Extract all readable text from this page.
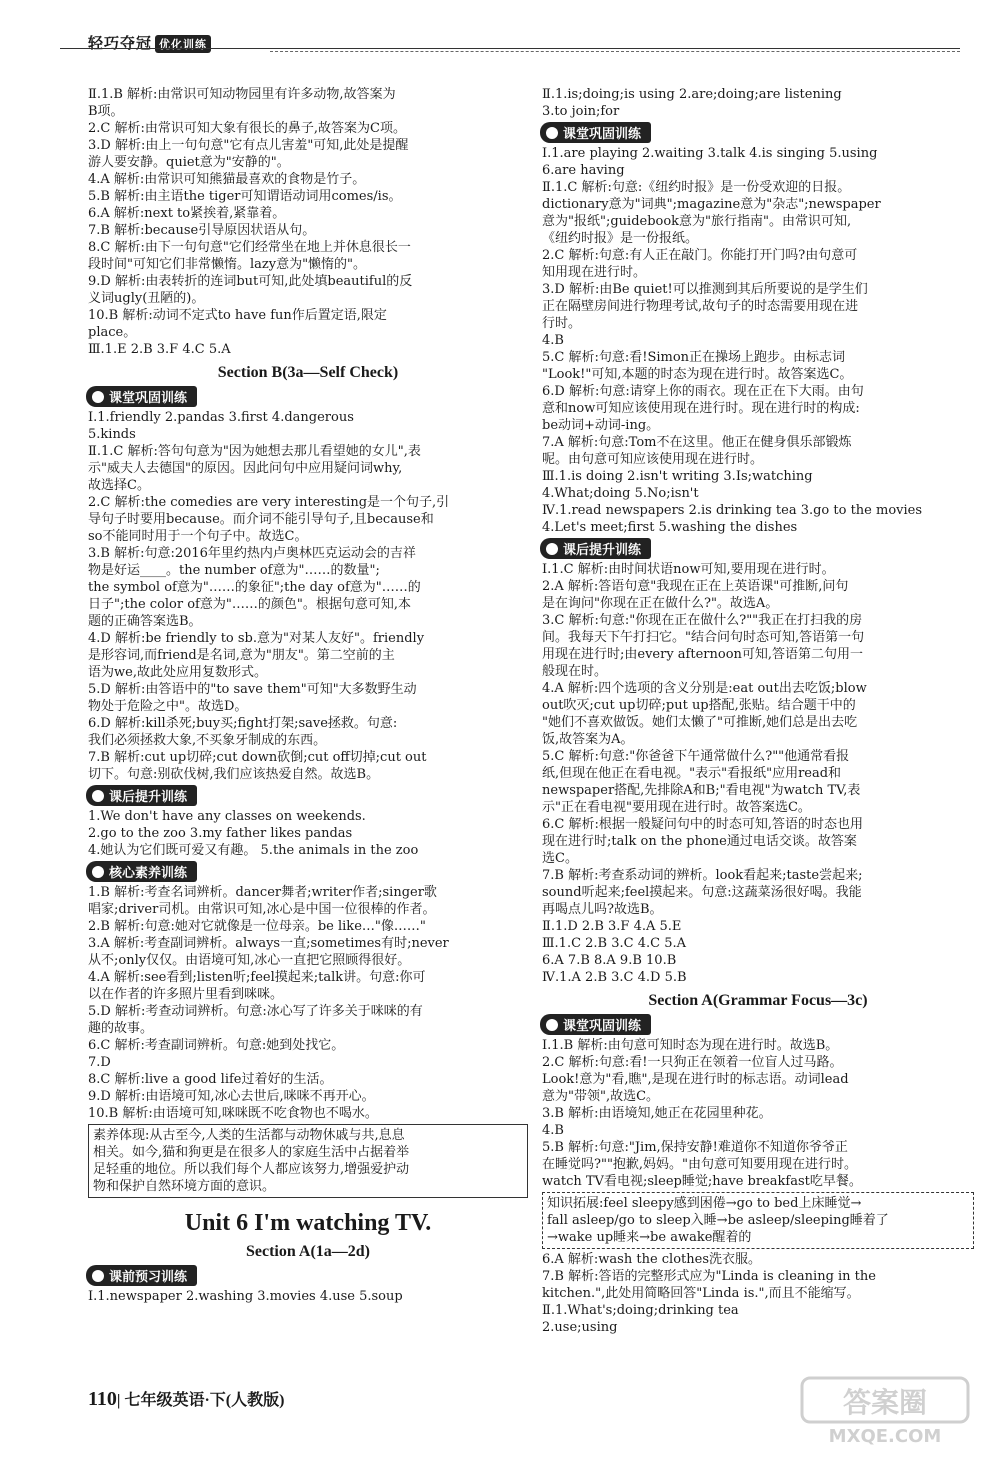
轻巧夺冠 优化训练
Ⅱ.1.B 解析:由常识可知动物园里有许多动物,故答案为
B项。
2.C 解析:由常识可知大象有很长的鼻子,故答案为C项。
3.D 解析:由上一句句意"它有点儿害羞"可知,此处是提醒
游人要安静。quiet意为"安静的"。
4.A 解析:由常识可知熊猫最喜欢的食物是竹子。
5.B 解析:由主语the tiger可知谓语动词用comes/is。
6.A 解析:next to紧挨着,紧靠着。
7.B 解析:because引导原因状语从句。
8.C 解析:由下一句句意"它们经常坐在地上并休息很长一
段时间"可知它们非常懒惰。lazy意为"懒惰的"。
9.D 解析:由表转折的连词but可知,此处填beautiful的反
义词ugly(丑陋的)。
10.B 解析:动词不定式to have fun作后置定语,限定
place。
Ⅲ.1.E 2.B 3.F 4.C 5.A
Section B(3a—Self Check)
课堂巩固训练
Ⅰ.1.friendly 2.pandas 3.first 4.dangerous
5.kinds
Ⅱ.1.C 解析:答句句意为"因为她想去那儿看望她的女儿",表
示"威夫人去德国"的原因。因此问句中应用疑问词why,
故选择C。
2.C 解析:the comedies are very interesting是一个句子,引
导句子时要用because。而介词不能引导句子,且because和
so不能同时用于一个句子中。故选C。
3.B 解析:句意:2016年里约热内卢奥林匹克运动会的吉祥
物是好运____。the number of意为"……的数量";
the symbol of意为"……的象征";the day of意为"……的
日子";the color of意为"……的颜色"。根据句意可知,本
题的正确答案选B。
4.D 解析:be friendly to sb.意为"对某人友好"。friendly
是形容词,而friend是名词,意为"朋友"。第二空前的主
语为we,故此处应用复数形式。
5.D 解析:由答语中的"to save them"可知"大多数野生动
物处于危险之中"。故选D。
6.D 解析:kill杀死;buy买;fight打架;save拯救。句意:
我们必须拯救大象,不买象牙制成的东西。
7.B 解析:cut up切碎;cut down砍倒;cut off切掉;cut out
切下。句意:别砍伐树,我们应该热爱自然。故选B。
课后提升训练
1.We don't have any classes on weekends.
2.go to the zoo 3.my father likes pandas
4.她认为它们既可爱又有趣。 5.the animals in the zoo
核心素养训练
1.B 解析:考查名词辨析。dancer舞者;writer作者;singer歌
唱家;driver司机。由常识可知,冰心是中国一位很棒的作者。
2.B 解析:句意:她对它就像是一位母亲。be like…"像……"
3.A 解析:考查副词辨析。always一直;sometimes有时;never
从不;only仅仅。由语境可知,冰心一直把它照顾得很好。
4.A 解析:see看到;listen听;feel摸起来;talk讲。句意:你可
以在作者的许多照片里看到咪咪。
5.D 解析:考查动词辨析。句意:冰心写了许多关于咪咪的有
趣的故事。
6.C 解析:考查副词辨析。句意:她到处找它。
7.D
8.C 解析:live a good life过着好的生活。
9.D 解析:由语境可知,冰心去世后,咪咪不再开心。
10.B 解析:由语境可知,咪咪既不吃食物也不喝水。
素养体现:从古至今,人类的生活都与动物休戚与共,息息
相关。如今,猫和狗更是在很多人的家庭生活中占据着举
足轻重的地位。所以我们每个人都应该努力,增强爱护动
物和保护自然环境方面的意识。
Unit 6 I'm watching TV.
Section A(1a—2d)
课前预习训练
Ⅰ.1.newspaper 2.washing 3.movies 4.use 5.soup
Ⅱ.1.is;doing;is using 2.are;doing;are listening
3.to join;for
课堂巩固训练
Ⅰ.1.are playing 2.waiting 3.talk 4.is singing 5.using
6.are having
Ⅱ.1.C 解析:句意:《纽约时报》是一份受欢迎的日报。
dictionary意为"词典";magazine意为"杂志";newspaper
意为"报纸";guidebook意为"旅行指南"。由常识可知,
《纽约时报》是一份报纸。
2.C 解析:句意:有人正在敲门。你能打开门吗?由句意可
知用现在进行时。
3.D 解析:由Be quiet!可以推测到其后所要说的是学生们
正在隔壁房间进行物理考试,故句子的时态需要用现在进
行时。
4.B
5.C 解析:句意:看!Simon正在操场上跑步。由标志词
"Look!"可知,本题的时态为现在进行时。故答案选C。
6.D 解析:句意:请穿上你的雨衣。现在正在下大雨。由句
意和now可知应该使用现在进行时。现在进行时的构成:
be动词+动词-ing。
7.A 解析:句意:Tom不在这里。他正在健身俱乐部锻炼
呢。由句意可知应该使用现在进行时。
Ⅲ.1.is doing 2.isn't writing 3.Is;watching
4.What;doing 5.No;isn't
Ⅳ.1.read newspapers 2.is drinking tea 3.go to the movies
4.Let's meet;first 5.washing the dishes
课后提升训练
Ⅰ.1.C 解析:由时间状语now可知,要用现在进行时。
2.A 解析:答语句意"我现在正在上英语课"可推断,问句
是在询问"你现在正在做什么?"。故选A。
3.C 解析:句意:"你现在正在做什么?""我正在打扫我的房
间。我每天下午打扫它。"结合问句时态可知,答语第一句
用现在进行时;由every afternoon可知,答语第二句用一
般现在时。
4.A 解析:四个选项的含义分别是:eat out出去吃饭;blow
out吹灭;cut up切碎;put up搭配,张贴。结合题干中的
"她们不喜欢做饭。她们太懒了"可推断,她们总是出去吃
饭,故答案为A。
5.C 解析:句意:"你爸爸下午通常做什么?""他通常看报
纸,但现在他正在看电视。"表示"看报纸"应用read和
newspaper搭配,先排除A和B;"看电视"为watch TV,表
示"正在看电视"要用现在进行时。故答案选C。
6.C 解析:根据一般疑问句中的时态可知,答语的时态也用
现在进行时;talk on the phone通过电话交谈。故答案
选C。
7.B 解析:考查系动词的辨析。look看起来;taste尝起来;
sound听起来;feel摸起来。句意:这蔬菜汤很好喝。我能
再喝点儿吗?故选B。
Ⅱ.1.D 2.B 3.F 4.A 5.E
Ⅲ.1.C 2.B 3.C 4.C 5.A
6.A 7.B 8.A 9.B 10.B
Ⅳ.1.A 2.B 3.C 4.D 5.B
Section A(Grammar Focus—3c)
课堂巩固训练
Ⅰ.1.B 解析:由句意可知时态为现在进行时。故选B。
2.C 解析:句意:看!一只狗正在领着一位盲人过马路。
Look!意为"看,瞧",是现在进行时的标志语。动词lead
意为"带领",故选C。
3.B 解析:由语境知,她正在花园里种花。
4.B
5.B 解析:句意:"Jim,保持安静!难道你不知道你爷爷正
在睡觉吗?""抱歉,妈妈。"由句意可知要用现在进行时。
watch TV看电视;sleep睡觉;have breakfast吃早餐。
知识拓展:feel sleepy感到困倦→go to bed上床睡觉→
fall asleep/go to sleep入睡→be asleep/sleeping睡着了
→wake up睡来→be awake醒着的
6.A 解析:wash the clothes洗衣服。
7.B 解析:答语的完整形式应为"Linda is cleaning in the
kitchen.",此处用简略回答"Linda is.",而且不能缩写。
Ⅱ.1.What's;doing;drinking tea
2.use;using
110| 七年级英语·下(人教版)	答案圈
MXQE.COM
